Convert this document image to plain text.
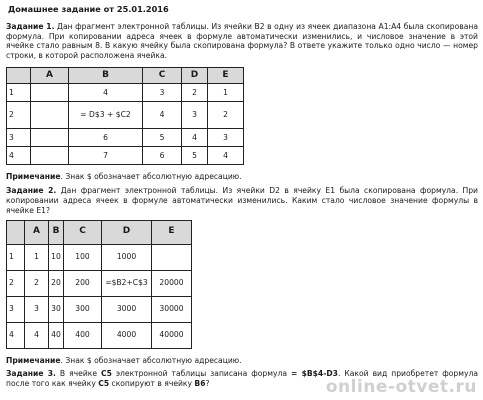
Домашнее задание от 25.01.2016

Задание 1. Дан фрагмент электронной таблицы. Из ячейки B2 в одну из ячеек диапазона A1:A4 была скопирована формула. При копировании адреса ячеек в формуле автоматически изменились, и числовое значение в этой ячейке стало равным 8. В какую ячейку была скопирована формула? В ответе укажите только одно число — номер строки, в которой расположена ячейка.

	A	B	C	D	E
1		4	3	2	1
2		= D$3 + $C2	4	3	2
3		6	5	4	3
4		7	6	5	4

Примечание. Знак $ обозначает абсолютную адресацию.

Задание 2. Дан фрагмент электронной таблицы. Из ячейки D2 в ячейку E1 была скопирована формула. При копировании адреса ячеек в формуле автоматически изменились. Каким стало числовое значение формулы в ячейке E1?

	A	B	C	D	E
1	1	10	100	1000	
2	2	20	200	=$B2+C$3	20000
3	3	30	300	3000	30000
4	4	40	400	4000	40000

Примечание. Знак $ обозначает абсолютную адресацию.

Задание 3. В ячейке C5 электронной таблицы записана формула = $B$4-D3. Какой вид приобретет формула после того как ячейку C5 скопируют в ячейку B6?	online-otvet.ru
